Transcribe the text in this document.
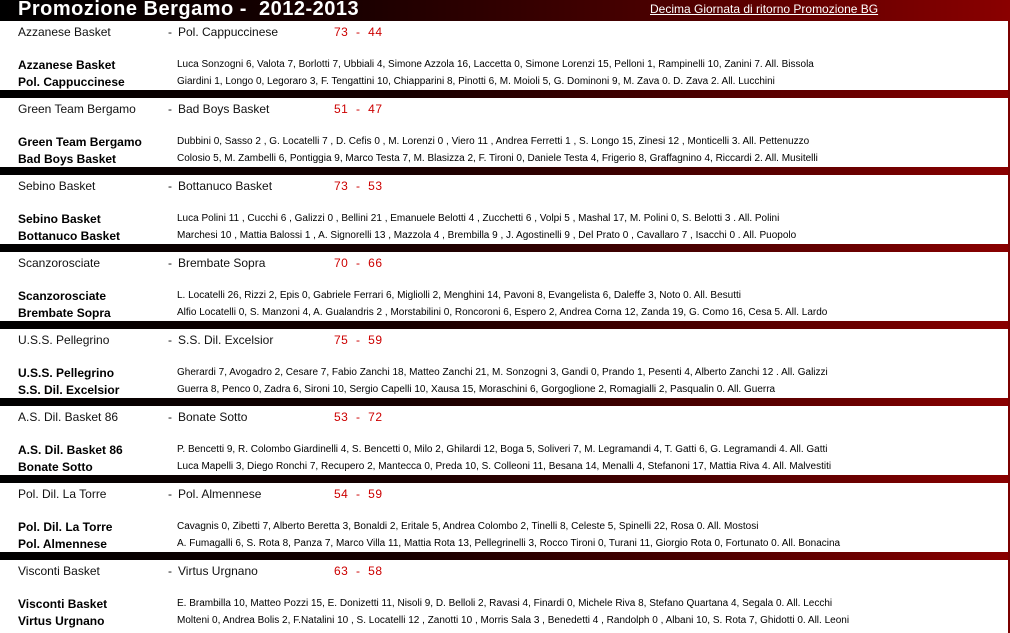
Promozione Bergamo -  2012-2013	Decima Giornata di ritorno Promozione BG
Azzanese Basket	- Pol. Cappuccinese	73  -  44
Azzanese Basket	Luca Sonzogni 6, Valota 7, Borlotti 7, Ubbiali 4, Simone Azzola 16, Laccetta 0, Simone Lorenzi 15, Pelloni 1, Rampinelli 10, Zanini 7. All. Bissola
Pol. Cappuccinese	Giardini 1, Longo 0, Legoraro 3, F. Tengattini 10, Chiapparini 8, Pinotti 6, M. Moioli 5, G. Dominoni 9, M. Zava 0. D. Zava 2. All. Lucchini
Green Team Bergamo	- Bad Boys Basket	51  -  47
Green Team Bergamo	Dubbini 0, Sasso 2 , G. Locatelli 7 , D. Cefis 0 , M. Lorenzi 0 , Viero 11 , Andrea Ferretti 1 , S. Longo 15, Zinesi 12 , Monticelli 3. All. Pettenuzzo
Bad Boys Basket	Colosio 5, M. Zambelli 6, Pontiggia 9, Marco Testa 7, M. Blasizza 2, F. Tironi 0, Daniele Testa 4, Frigerio 8, Graffagnino 4, Riccardi 2. All. Musitelli
Sebino Basket	- Bottanuco Basket	73  -  53
Sebino Basket	Luca Polini 11 , Cucchi 6 , Galizzi 0 , Bellini 21 , Emanuele Belotti 4 , Zucchetti 6 , Volpi 5 , Mashal 17, M. Polini 0, S. Belotti 3 . All. Polini
Bottanuco Basket	Marchesi 10 , Mattia Balossi 1 , A. Signorelli 13 , Mazzola 4 , Brembilla 9 , J. Agostinelli 9 , Del Prato 0 , Cavallaro 7 , Isacchi 0 . All. Puopolo
Scanzorosciate	- Brembate Sopra	70  -  66
Scanzorosciate	L. Locatelli 26, Rizzi 2, Epis 0, Gabriele Ferrari 6, Migliolli 2, Menghini 14, Pavoni 8, Evangelista 6, Daleffe 3, Noto 0. All. Besutti
Brembate Sopra	Alfio Locatelli 0, S. Manzoni 4, A. Gualandris 2 , Morstabilini 0, Roncoroni 6, Espero 2, Andrea Corna 12, Zanda 19, G. Como 16, Cesa 5. All. Lardo
U.S.S. Pellegrino	- S.S. Dil. Excelsior	75  -  59
U.S.S. Pellegrino	Gherardi 7, Avogadro 2, Cesare 7, Fabio Zanchi 18, Matteo Zanchi 21, M. Sonzogni 3, Gandi 0, Prando 1, Pesenti 4, Alberto Zanchi 12 . All. Galizzi
S.S. Dil. Excelsior	Guerra 8, Penco 0, Zadra 6, Sironi 10, Sergio Capelli 10, Xausa 15, Moraschini 6, Gorgoglione 2, Romagialli 2, Pasqualin 0. All. Guerra
A.S. Dil. Basket 86	- Bonate Sotto	53  -  72
A.S. Dil. Basket 86	P. Bencetti 9, R. Colombo Giardinelli 4, S. Bencetti 0, Milo 2, Ghilardi 12, Boga 5, Soliveri 7, M. Legramandi 4, T. Gatti 6, G. Legramandi 4. All. Gatti
Bonate Sotto	Luca Mapelli 3, Diego Ronchi 7, Recupero 2, Mantecca 0, Preda 10, S. Colleoni 11, Besana 14, Menalli 4, Stefanoni 17, Mattia Riva 4. All. Malvestiti
Pol. Dil. La Torre	- Pol. Almennese	54  -  59
Pol. Dil. La Torre	Cavagnis 0, Zibetti 7, Alberto Beretta 3, Bonaldi 2, Eritale 5, Andrea Colombo 2, Tinelli 8, Celeste 5, Spinelli 22, Rosa 0. All. Mostosi
Pol. Almennese	A. Fumagalli 6, S. Rota 8, Panza 7, Marco Villa 11, Mattia Rota 13, Pellegrinelli 3, Rocco Tironi 0, Turani 11, Giorgio Rota 0, Fortunato 0. All. Bonacina
Visconti Basket	- Virtus Urgnano	63  -  58
Visconti Basket	E. Brambilla 10, Matteo Pozzi 15, E. Donizetti 11, Nisoli 9, D. Belloli 2, Ravasi 4, Finardi 0, Michele Riva 8, Stefano Quartana 4, Segala 0. All. Lecchi
Virtus Urgnano	Molteni 0, Andrea Bolis 2, F.Natalini 10 , S. Locatelli 12 , Zanotti 10 , Morris Sala 3 , Benedetti 4 , Randolph 0 , Albani 10, S. Rota 7, Ghidotti 0. All. Leoni
